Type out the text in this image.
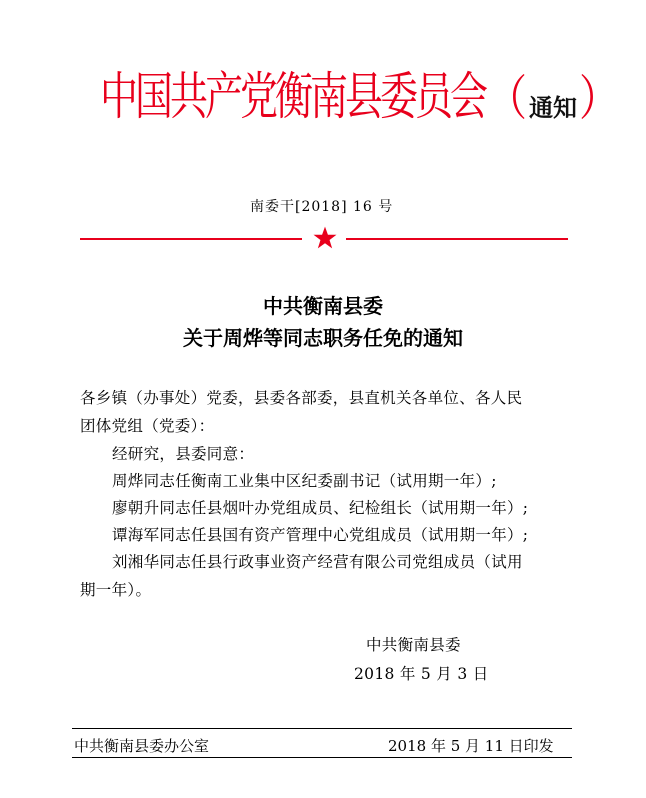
中国共产党衡南县委员会（通知）
南委干[2018] 16 号
中共衡南县委
关于周烨等同志职务任免的通知
各乡镇（办事处）党委，县委各部委，县直机关各单位、各人民
团体党组（党委）：
经研究，县委同意：
周烨同志任衡南工业集中区纪委副书记（试用期一年）;
廖朝升同志任县烟叶办党组成员、纪检组长（试用期一年）;
谭海军同志任县国有资产管理中心党组成员（试用期一年）;
刘湘华同志任县行政事业资产经营有限公司党组成员（试用
期一年）。
中共衡南县委
2018 年 5 月 3 日
中共衡南县委办公室	2018 年 5 月 11 日印发
